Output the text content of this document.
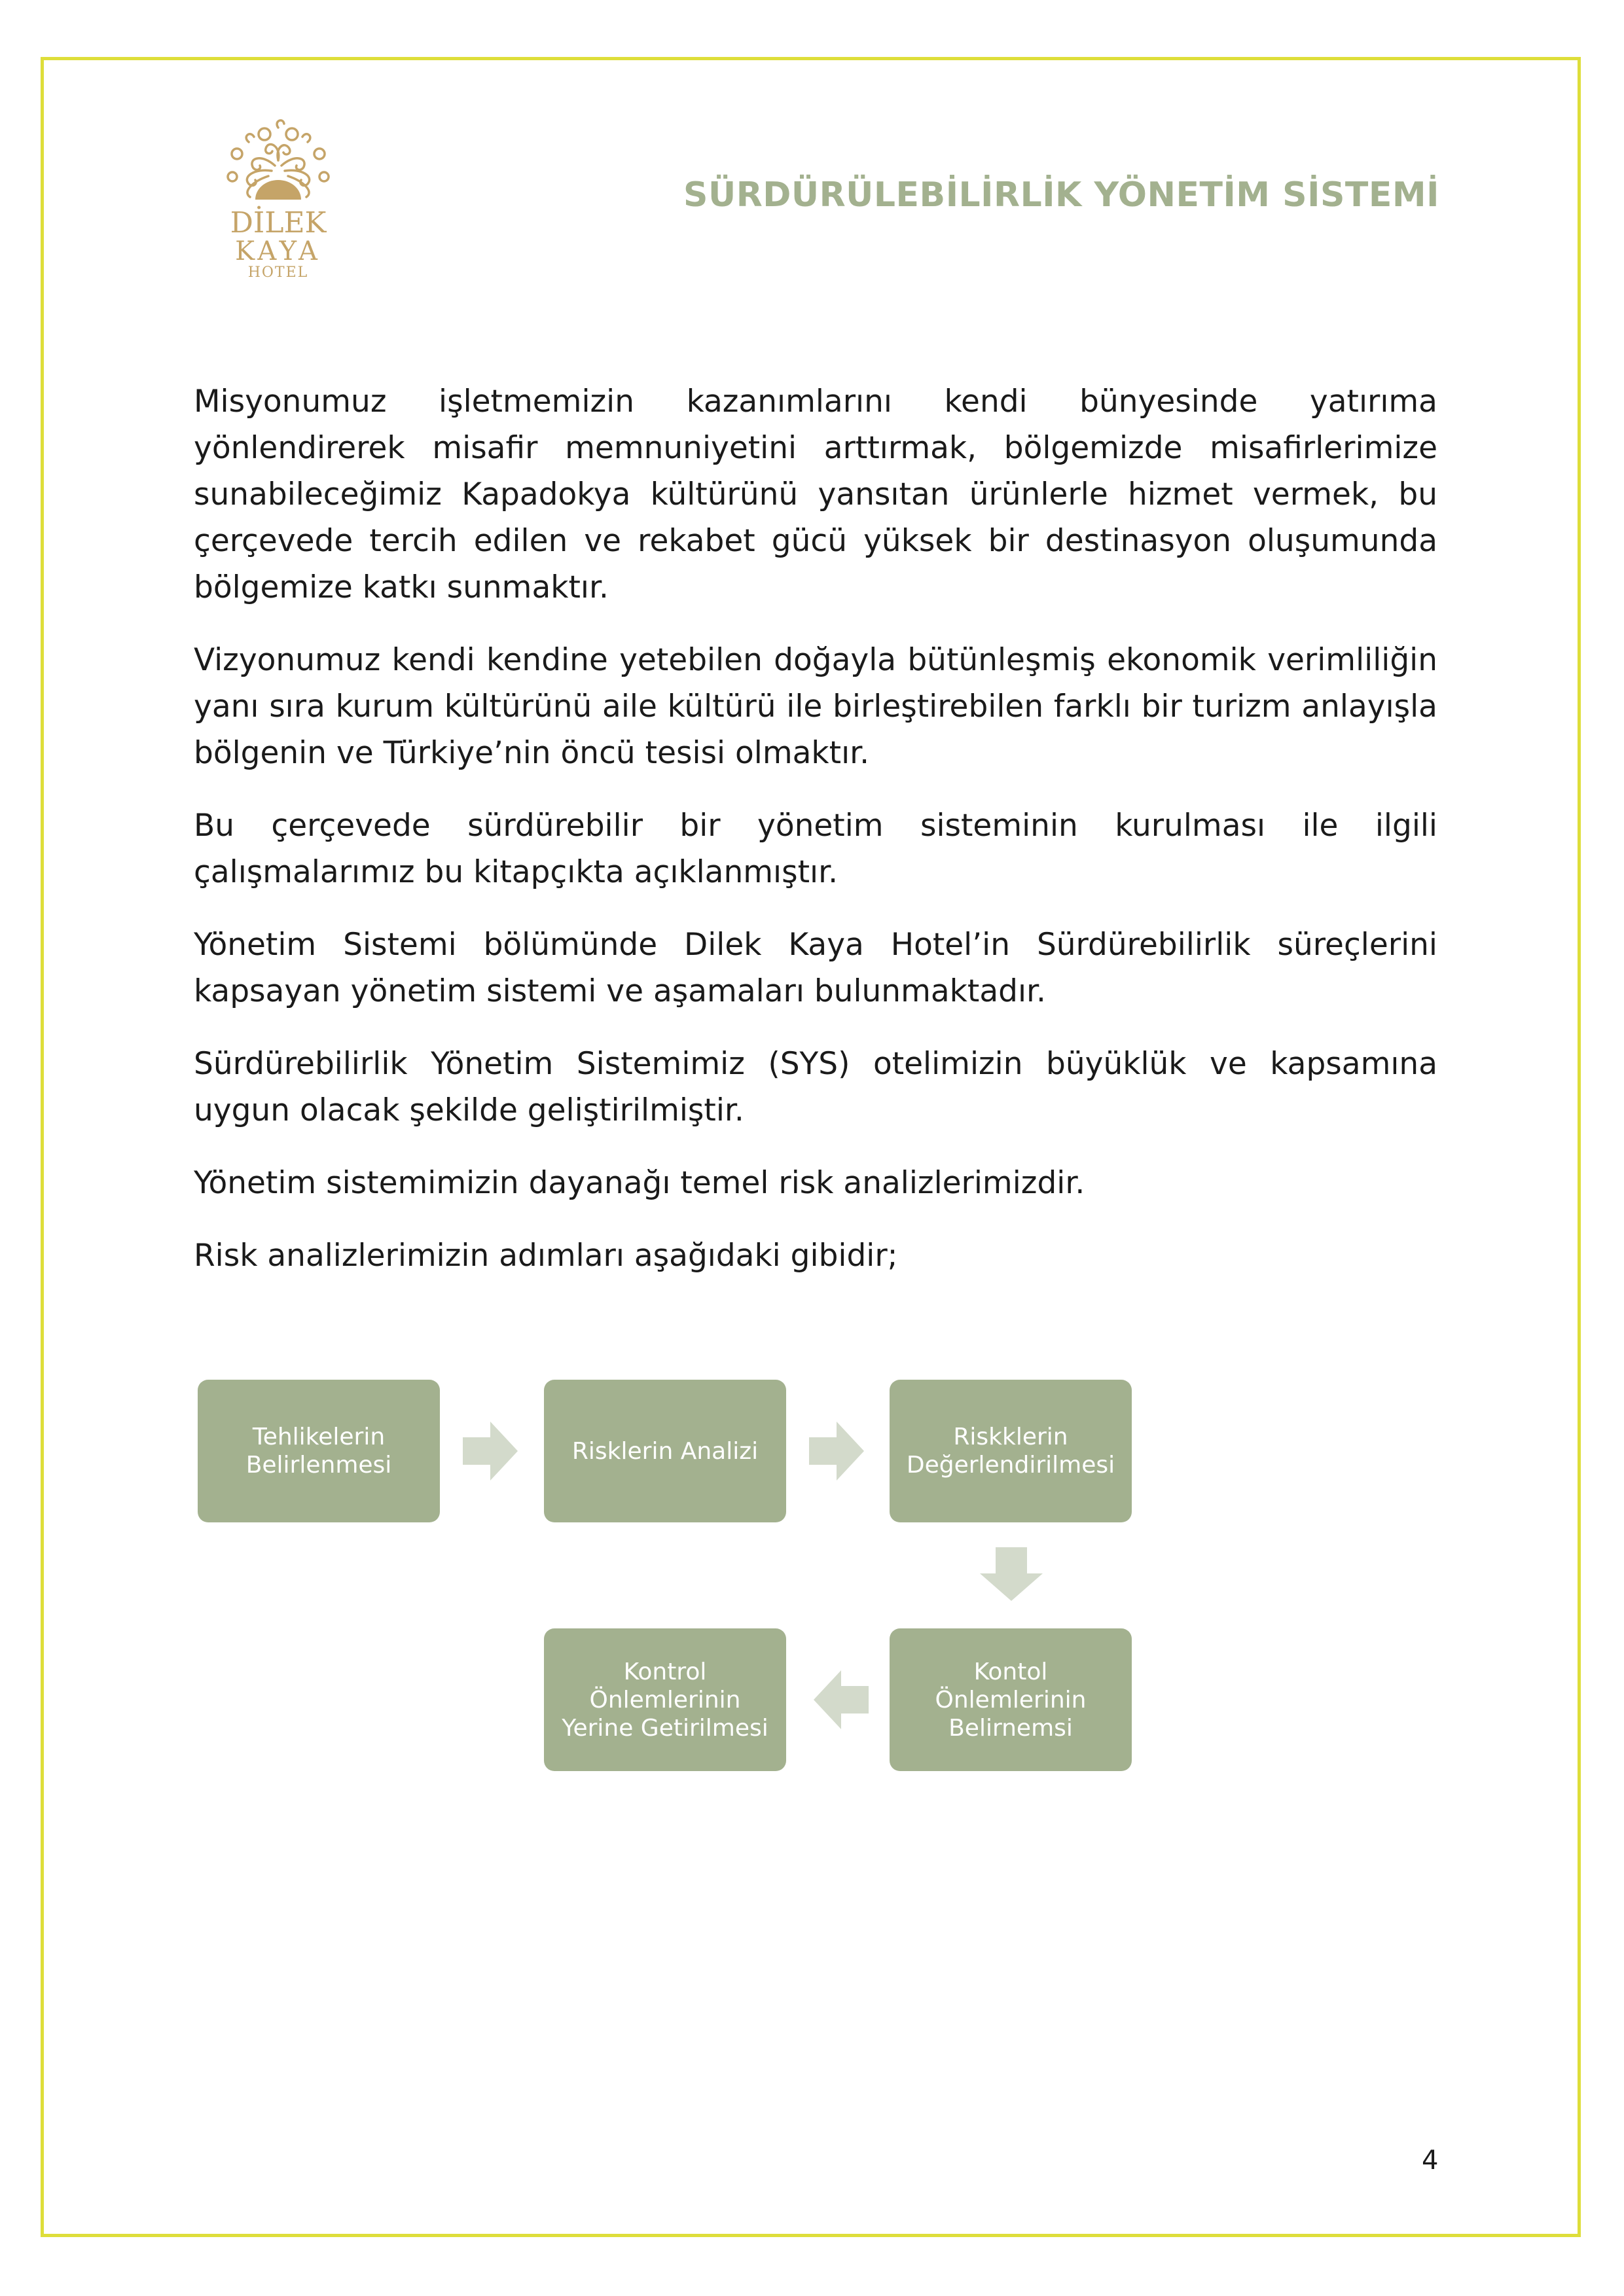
DİLEK
KAYA
HOTEL
SÜRDÜRÜLEBİLİRLİK YÖNETİM SİSTEMİ

Misyonumuz işletmemizin kazanımlarını kendi bünyesinde yatırıma yönlendirerek misafir memnuniyetini arttırmak, bölgemizde misafirlerimize sunabileceğimiz Kapadokya kültürünü yansıtan ürünlerle hizmet vermek, bu çerçevede tercih edilen ve rekabet gücü yüksek bir destinasyon oluşumunda bölgemize katkı sunmaktır.

Vizyonumuz kendi kendine yetebilen doğayla bütünleşmiş ekonomik verimliliğin yanı sıra kurum kültürünü aile kültürü ile birleştirebilen farklı bir turizm anlayışla bölgenin ve Türkiye’nin öncü tesisi olmaktır.

Bu çerçevede sürdürebilir bir yönetim sisteminin kurulması ile ilgili çalışmalarımız bu kitapçıkta açıklanmıştır.

Yönetim Sistemi bölümünde Dilek Kaya Hotel’in Sürdürebilirlik süreçlerini kapsayan yönetim sistemi ve aşamaları bulunmaktadır.

Sürdürebilirlik Yönetim Sistemimiz (SYS) otelimizin büyüklük ve kapsamına uygun olacak şekilde geliştirilmiştir.

Yönetim sistemimizin dayanağı temel risk analizlerimizdir.

Risk analizlerimizin adımları aşağıdaki gibidir;

Tehlikelerin Belirlenmesi
Risklerin Analizi
Riskklerin Değerlendirilmesi
Kontol Önlemlerinin Belirnemsi
Kontrol Önlemlerinin Yerine Getirilmesi
4
